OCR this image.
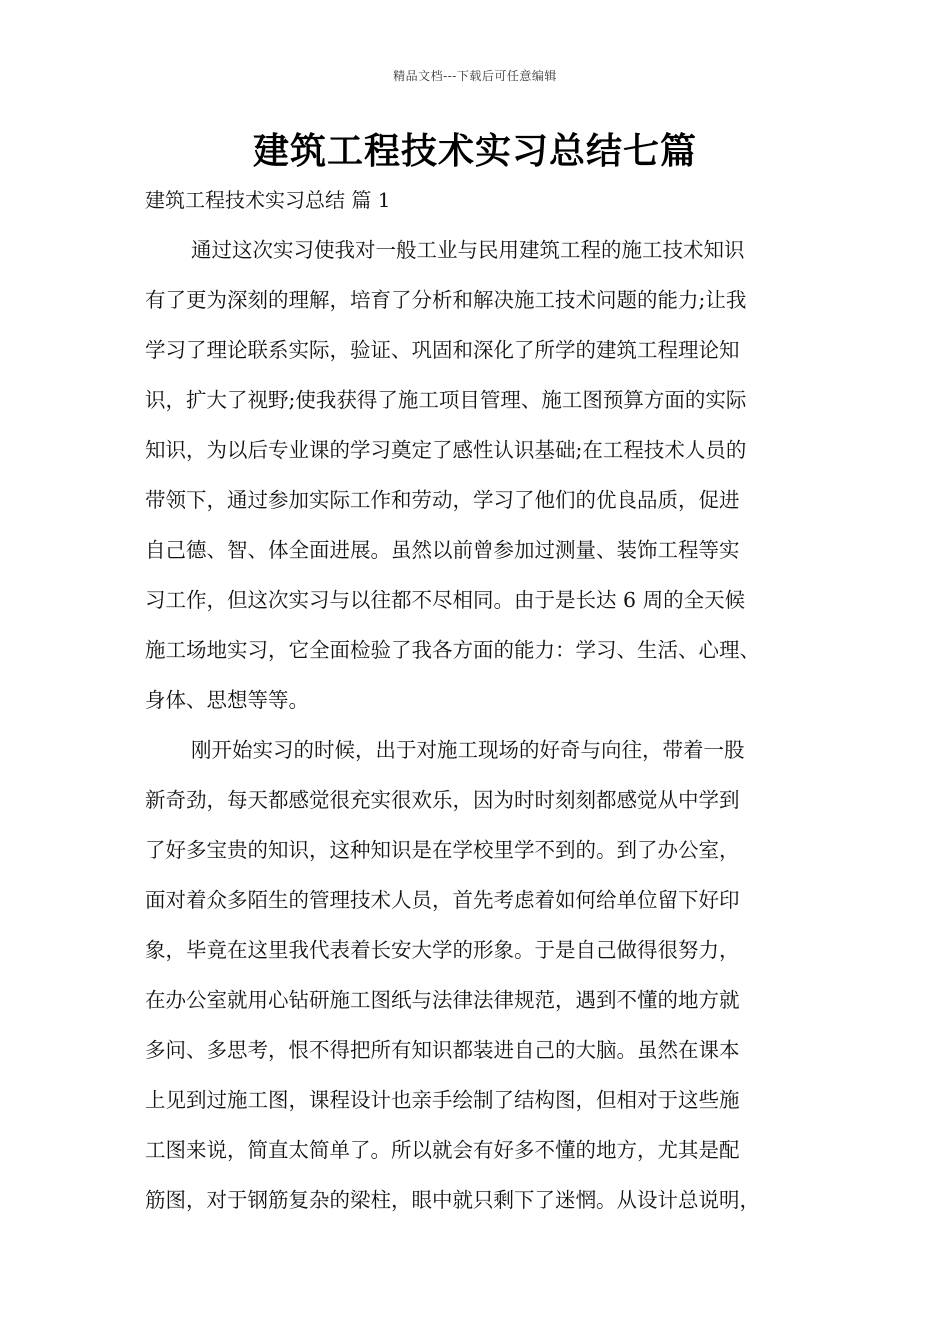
精品文档---下载后可任意编辑
建筑工程技术实习总结七篇
建筑工程技术实习总结 篇 1
通过这次实习使我对一般工业与民用建筑工程的施工技术知识
有了更为深刻的理解，培育了分析和解决施工技术问题的能力;让我
学习了理论联系实际，验证、巩固和深化了所学的建筑工程理论知
识，扩大了视野;使我获得了施工项目管理、施工图预算方面的实际
知识，为以后专业课的学习奠定了感性认识基础;在工程技术人员的
带领下，通过参加实际工作和劳动，学习了他们的优良品质，促进
自己德、智、体全面进展。虽然以前曾参加过测量、装饰工程等实
习工作，但这次实习与以往都不尽相同。由于是长达 6 周的全天候
施工场地实习，它全面检验了我各方面的能力：学习、生活、心理、
身体、思想等等。
刚开始实习的时候，出于对施工现场的好奇与向往，带着一股
新奇劲，每天都感觉很充实很欢乐，因为时时刻刻都感觉从中学到
了好多宝贵的知识，这种知识是在学校里学不到的。到了办公室，
面对着众多陌生的管理技术人员，首先考虑着如何给单位留下好印
象，毕竟在这里我代表着长安大学的形象。于是自己做得很努力，
在办公室就用心钻研施工图纸与法律法律规范，遇到不懂的地方就
多问、多思考，恨不得把所有知识都装进自己的大脑。虽然在课本
上见到过施工图，课程设计也亲手绘制了结构图，但相对于这些施
工图来说，简直太简单了。所以就会有好多不懂的地方，尤其是配
筋图，对于钢筋复杂的梁柱，眼中就只剩下了迷惘。从设计总说明，
